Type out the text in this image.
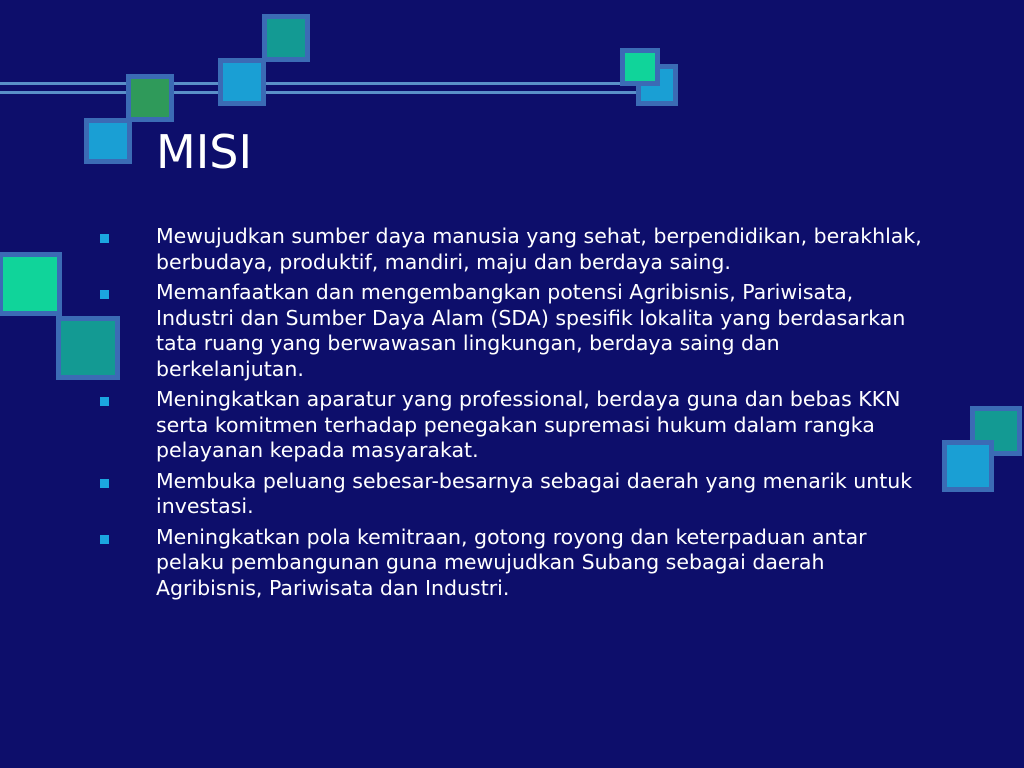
MISI
Mewujudkan sumber daya manusia yang sehat, berpendidikan, berakhlak, berbudaya, produktif, mandiri, maju dan berdaya saing.
Memanfaatkan dan mengembangkan potensi Agribisnis, Pariwisata, Industri dan Sumber Daya Alam (SDA) spesifik lokalita yang berdasarkan tata ruang yang berwawasan lingkungan, berdaya saing dan berkelanjutan.
Meningkatkan aparatur yang professional, berdaya guna dan bebas KKN serta komitmen terhadap penegakan supremasi hukum dalam rangka pelayanan kepada masyarakat.
Membuka peluang sebesar-besarnya sebagai daerah yang menarik untuk investasi.
Meningkatkan pola kemitraan, gotong royong dan keterpaduan antar pelaku pembangunan guna mewujudkan Subang sebagai daerah Agribisnis, Pariwisata dan Industri.
